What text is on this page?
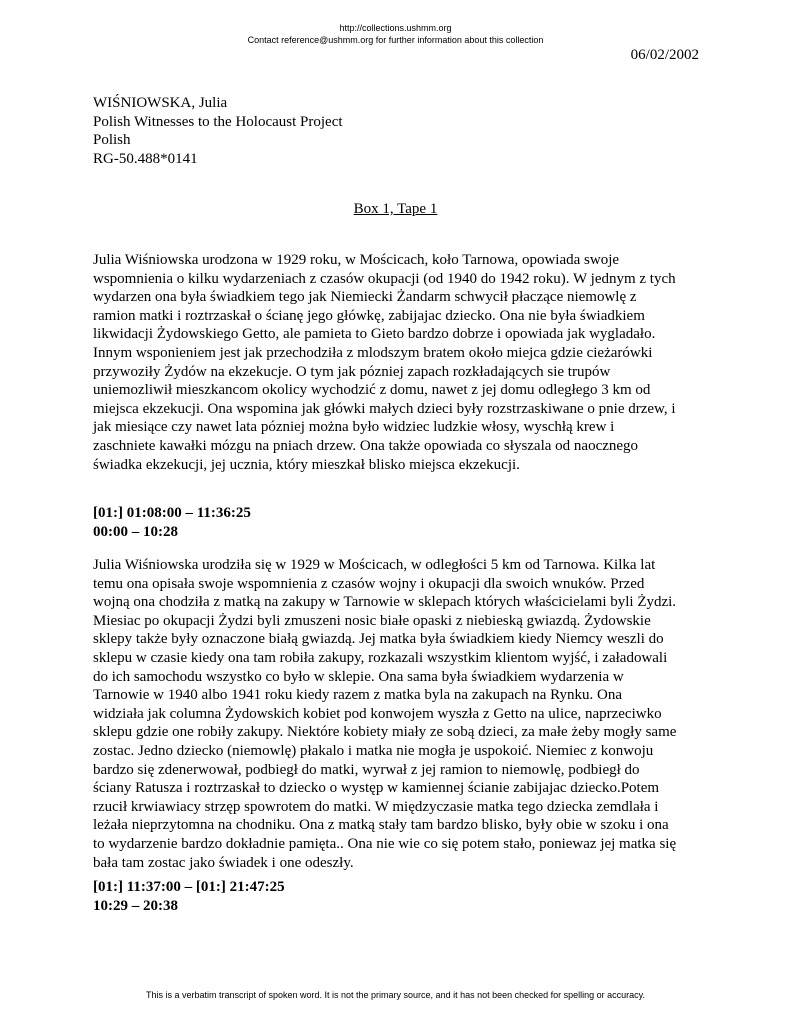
http://collections.ushmm.org
Contact reference@ushmm.org for further information about this collection
06/02/2002
WIŚNIOWSKA, Julia
Polish Witnesses to the Holocaust Project
Polish
RG-50.488*0141
Box 1, Tape 1
Julia Wiśniowska urodzona w 1929 roku, w Mościcach, koło Tarnowa, opowiada swoje
wspomnienia o kilku wydarzeniach z czasów okupacji (od 1940 do 1942 roku). W jednym z tych
wydarzen ona była świadkiem tego jak Niemiecki Żandarm schwycił płaczące niemowlę z
ramion matki i roztrzaskał o ścianę jego główkę, zabijajac dziecko. Ona nie była świadkiem
likwidacji Żydowskiego Getto, ale pamieta to Gieto bardzo dobrze i opowiada jak wygladało.
Innym wsponieniem jest jak przechodziła z mlodszym bratem około miejca gdzie cieżarówki
przywoziły Żydów na ekzekucje. O tym jak pózniej zapach rozkładających sie trupów
uniemozliwił mieszkancom okolicy wychodzić z domu, nawet z jej domu odległego 3 km od
miejsca ekzekucji. Ona wspomina jak główki małych dzieci były rozstrzaskiwane o pnie drzew, i
jak miesiące czy nawet lata pózniej można było widziec ludzkie włosy, wyschłą krew i
zaschniete kawałki mózgu na pniach drzew. Ona także opowiada co słyszala od naocznego
świadka ekzekucji, jej ucznia, który mieszkał blisko miejsca ekzekucji.
[01:] 01:08:00 – 11:36:25
00:00 – 10:28
Julia Wiśniowska urodziła się w 1929 w Mościcach, w odległości 5 km od Tarnowa. Kilka lat
temu ona opisała swoje wspomnienia z czasów wojny i okupacji dla swoich wnuków. Przed
wojną ona chodziła z matką na zakupy w Tarnowie w sklepach których właścicielami byli Żydzi.
Miesiac po okupacji Żydzi byli zmuszeni nosic białe opaski z niebieską gwiazdą. Żydowskie
sklepy także były oznaczone białą gwiazdą. Jej matka była świadkiem kiedy Niemcy weszli do
sklepu w czasie kiedy ona tam robiła zakupy, rozkazali wszystkim klientom wyjść, i załadowali
do ich samochodu wszystko co było w sklepie. Ona sama była świadkiem wydarzenia w
Tarnowie w 1940 albo 1941 roku kiedy razem z matka byla na zakupach na Rynku. Ona
widziała jak columna Żydowskich kobiet pod konwojem wyszła z Getto na ulice, naprzeciwko
sklepu gdzie one robiły zakupy. Niektóre kobiety miały ze sobą dzieci, za małe żeby mogły same
zostac. Jedno dziecko (niemowlę) płakalo i matka nie mogła je uspokoić. Niemiec z konwoju
bardzo się zdenerwował, podbiegł do matki, wyrwał z jej ramion to niemowlę, podbiegł do
ściany Ratusza i roztrzaskał to dziecko o występ w kamiennej ścianie zabijajac dziecko.Potem
rzucił krwiawiacy strzęp spowrotem do matki. W międzyczasie matka tego dziecka zemdlała i
leżała nieprzytomna na chodniku. Ona z matką stały tam bardzo blisko, były obie w szoku i ona
to wydarzenie bardzo dokładnie pamięta.. Ona nie wie co się potem stało, poniewaz jej matka się
bała tam zostac jako świadek i one odeszły.
[01:] 11:37:00 – [01:] 21:47:25
10:29 – 20:38
This is a verbatim transcript of spoken word. It is not the primary source, and it has not been checked for spelling or accuracy.
